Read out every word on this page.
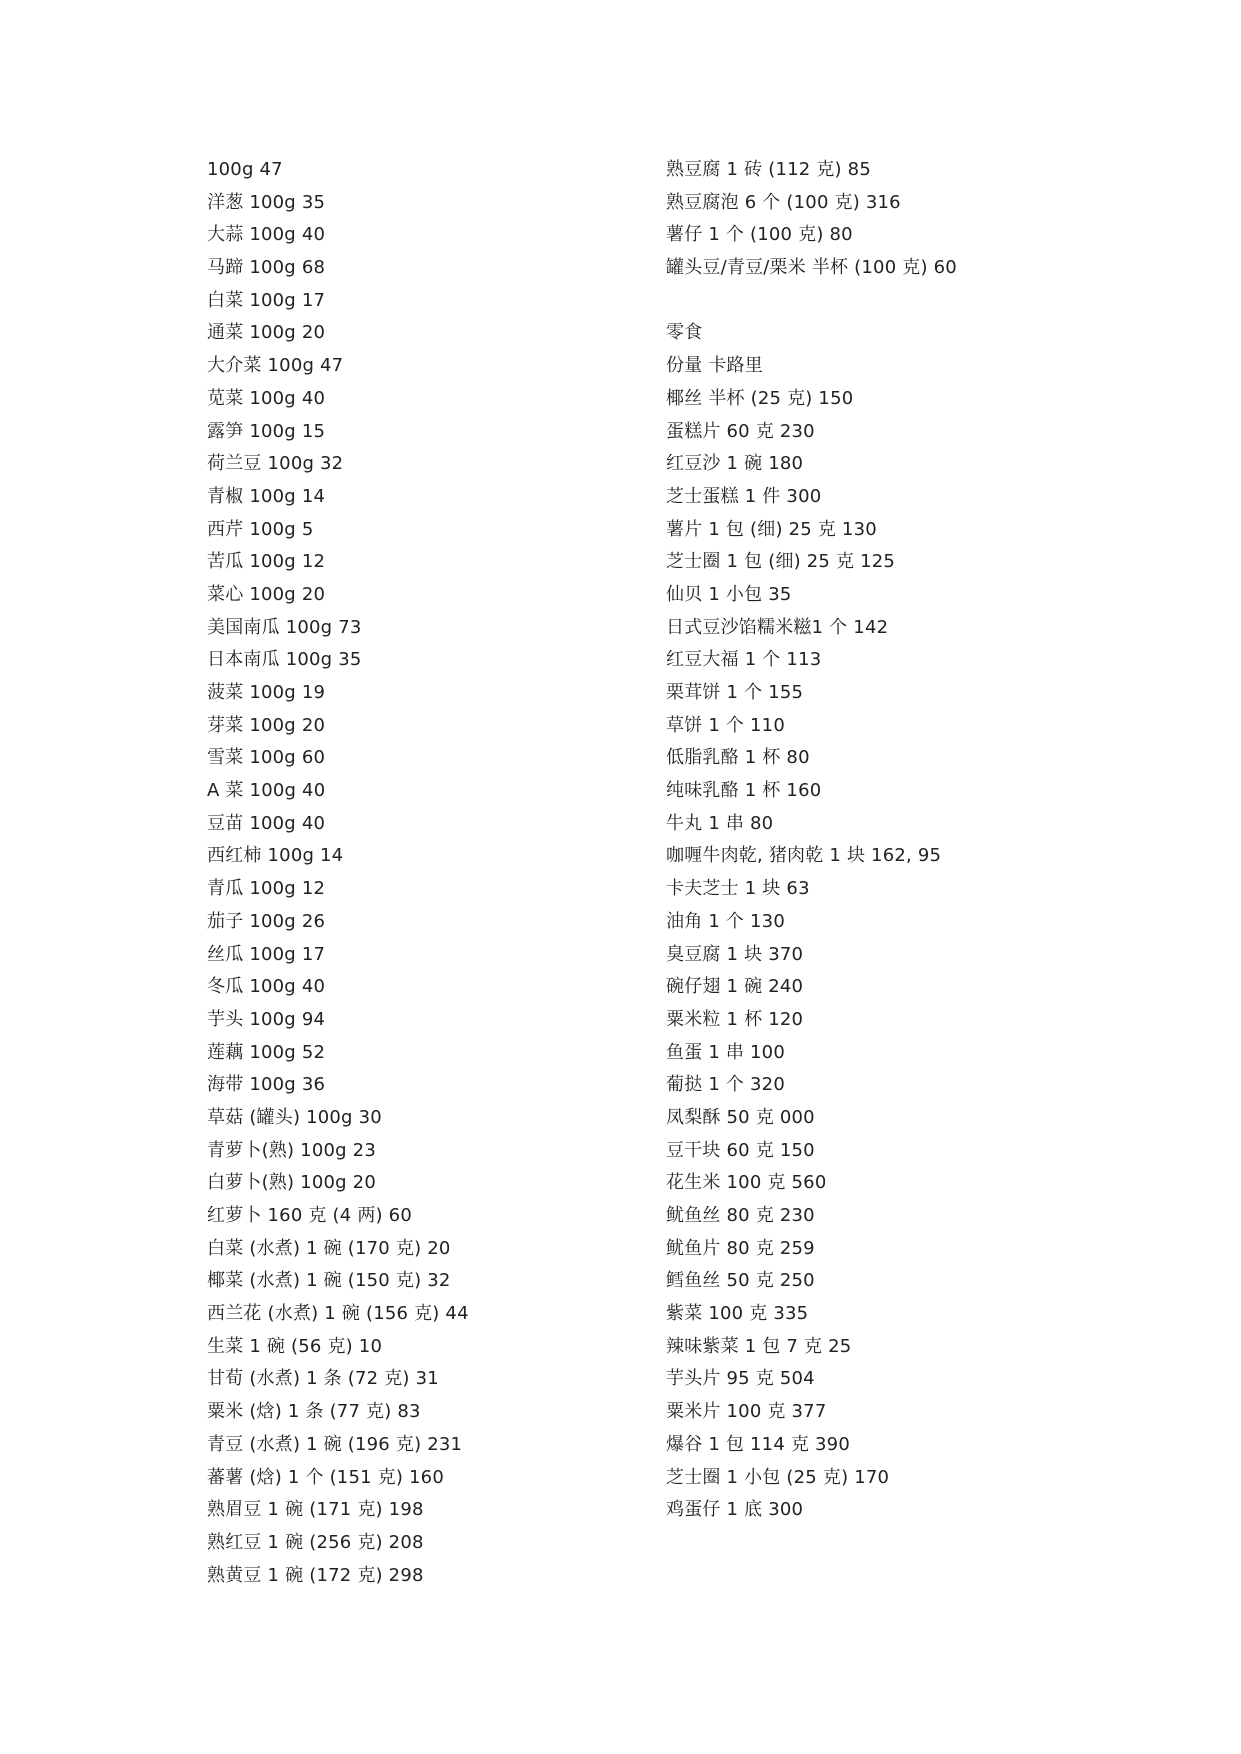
100g 47
洋葱 100g 35
大蒜 100g 40
马蹄 100g 68
白菜 100g 17
通菜 100g 20
大介菜 100g 47
苋菜 100g 40
露笋 100g 15
荷兰豆 100g 32
青椒 100g 14
西芹 100g 5
苦瓜 100g 12
菜心 100g 20
美国南瓜 100g 73
日本南瓜 100g 35
菠菜 100g 19
芽菜 100g 20
雪菜 100g 60
A 菜 100g 40
豆苗 100g 40
西红柿 100g 14
青瓜 100g 12
茄子 100g 26
丝瓜 100g 17
冬瓜 100g 40
芋头 100g 94
莲藕 100g 52
海带 100g 36
草菇 (罐头) 100g 30
青萝卜(熟) 100g 23
白萝卜(熟) 100g 20
红萝卜 160 克 (4 两) 60
白菜 (水煮) 1 碗 (170 克) 20
椰菜 (水煮) 1 碗 (150 克) 32
西兰花 (水煮) 1 碗 (156 克) 44
生菜 1 碗 (56 克) 10
甘荀 (水煮) 1 条 (72 克) 31
粟米 (焓) 1 条 (77 克) 83
青豆 (水煮) 1 碗 (196 克) 231
蕃薯 (焓) 1 个 (151 克) 160
熟眉豆 1 碗 (171 克) 198
熟红豆 1 碗 (256 克) 208
熟黄豆 1 碗 (172 克) 298
熟豆腐 1 砖 (112 克) 85
熟豆腐泡 6 个 (100 克) 316
薯仔 1 个 (100 克) 80
罐头豆/青豆/栗米 半杯 (100 克) 60
零食
份量 卡路里
椰丝 半杯 (25 克) 150
蛋糕片 60 克 230
红豆沙 1 碗 180
芝士蛋糕 1 件 300
薯片 1 包 (细) 25 克 130
芝士圈 1 包 (细) 25 克 125
仙贝 1 小包 35
日式豆沙馅糯米糍1 个 142
红豆大福 1 个 113
栗茸饼 1 个 155
草饼 1 个 110
低脂乳酪 1 杯 80
纯味乳酪 1 杯 160
牛丸 1 串 80
咖喱牛肉乾, 猪肉乾 1 块 162, 95
卡夫芝士 1 块 63
油角 1 个 130
臭豆腐 1 块 370
碗仔翅 1 碗 240
粟米粒 1 杯 120
鱼蛋 1 串 100
葡挞 1 个 320
凤梨酥 50 克 000
豆干块 60 克 150
花生米 100 克 560
鱿鱼丝 80 克 230
鱿鱼片 80 克 259
鳕鱼丝 50 克 250
紫菜 100 克 335
辣味紫菜 1 包 7 克 25
芋头片 95 克 504
粟米片 100 克 377
爆谷 1 包 114 克 390
芝士圈 1 小包 (25 克) 170
鸡蛋仔 1 底 300
